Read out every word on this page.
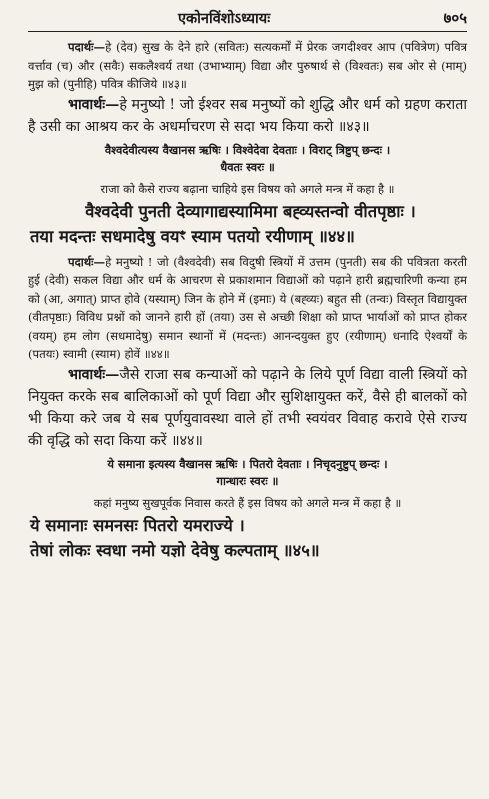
एकोनविंशोऽध्यायः	७०५

पदार्थः—हे (देव) सुख के देने हारे (सवितः) सत्यकर्मों में प्रेरक जगदीश्वर आप (पवित्रेण) पवित्र वर्त्ताव (च) और (सवैः) सकलैश्वर्य तथा (उभाभ्याम्) विद्या और पुरुषार्थ से (विश्वतः) सब ओर से (माम्) मुझ को (पुनीहि) पवित्र कीजिये ॥४३॥

भावार्थः—हे मनुष्यो ! जो ईश्वर सब मनुष्यों को शुद्धि और धर्म को ग्रहण कराता है उसी का आश्रय कर के अधर्माचरण से सदा भय किया करो ॥४३॥

वैश्वदेवीत्यस्य वैखानस ऋषिः । विश्वेदेवा देवताः । विराट् त्रिष्टुप् छन्दः ।

धैवतः स्वरः ॥

राजा को कैसे राज्य बढ़ाना चाहिये इस विषय को अगले मन्त्र में कहा है ॥

वैश्वदेवी पुनती देव्यागाद्यस्यामिमा बह्व्यस्तन्वो वीतपृष्ठाः ।

तया मदन्तः सधमादेषु वयꣳ स्याम पतयो रयीणाम् ॥४४॥

पदार्थः—हे मनुष्यो ! जो (वैश्वदेवी) सब विदुषी स्त्रियों में उत्तम (पुनती) सब की पवित्रता करती हुई (देवी) सकल विद्या और धर्म के आचरण से प्रकाशमान विद्याओं को पढ़ाने हारी ब्रह्मचारिणी कन्या हम को (आ, अगात्) प्राप्त होवे (यस्याम्) जिन के होने में (इमाः) ये (बह्व्यः) बहुत सी (तन्वः) विस्तृत विद्यायुक्त (वीतपृष्ठाः) विविध प्रश्नों को जानने हारी हों (तया) उस से अच्छी शिक्षा को प्राप्त भार्याओं को प्राप्त होकर (वयम्) हम लोग (सधमादेषु) समान स्थानों में (मदन्तः) आनन्दयुक्त हुए (रयीणाम्) धनादि ऐश्वर्यों के (पतयः) स्वामी (स्याम) होवें ॥४४॥

भावार्थः—जैसे राजा सब कन्याओं को पढ़ाने के लिये पूर्ण विद्या वाली स्त्रियों को नियुक्त करके सब बालिकाओं को पूर्ण विद्या और सुशिक्षायुक्त करें, वैसे ही बालकों को भी किया करे जब ये सब पूर्णयुवावस्था वाले हों तभी स्वयंवर विवाह करावे ऐसे राज्य की वृद्धि को सदा किया करें ॥४४॥

ये समाना इत्यस्य वैखानस ऋषिः । पितरो देवताः । निचृदनुष्टुप् छन्दः ।

गान्धारः स्वरः ॥

कहां मनुष्य सुखपूर्वक निवास करते हैं इस विषय को अगले मन्त्र में कहा है ॥

ये समानाः समनसः पितरो यमराज्ये ।

तेषां लोकः स्वधा नमो यज्ञो देवेषु कल्पताम् ॥४५॥
